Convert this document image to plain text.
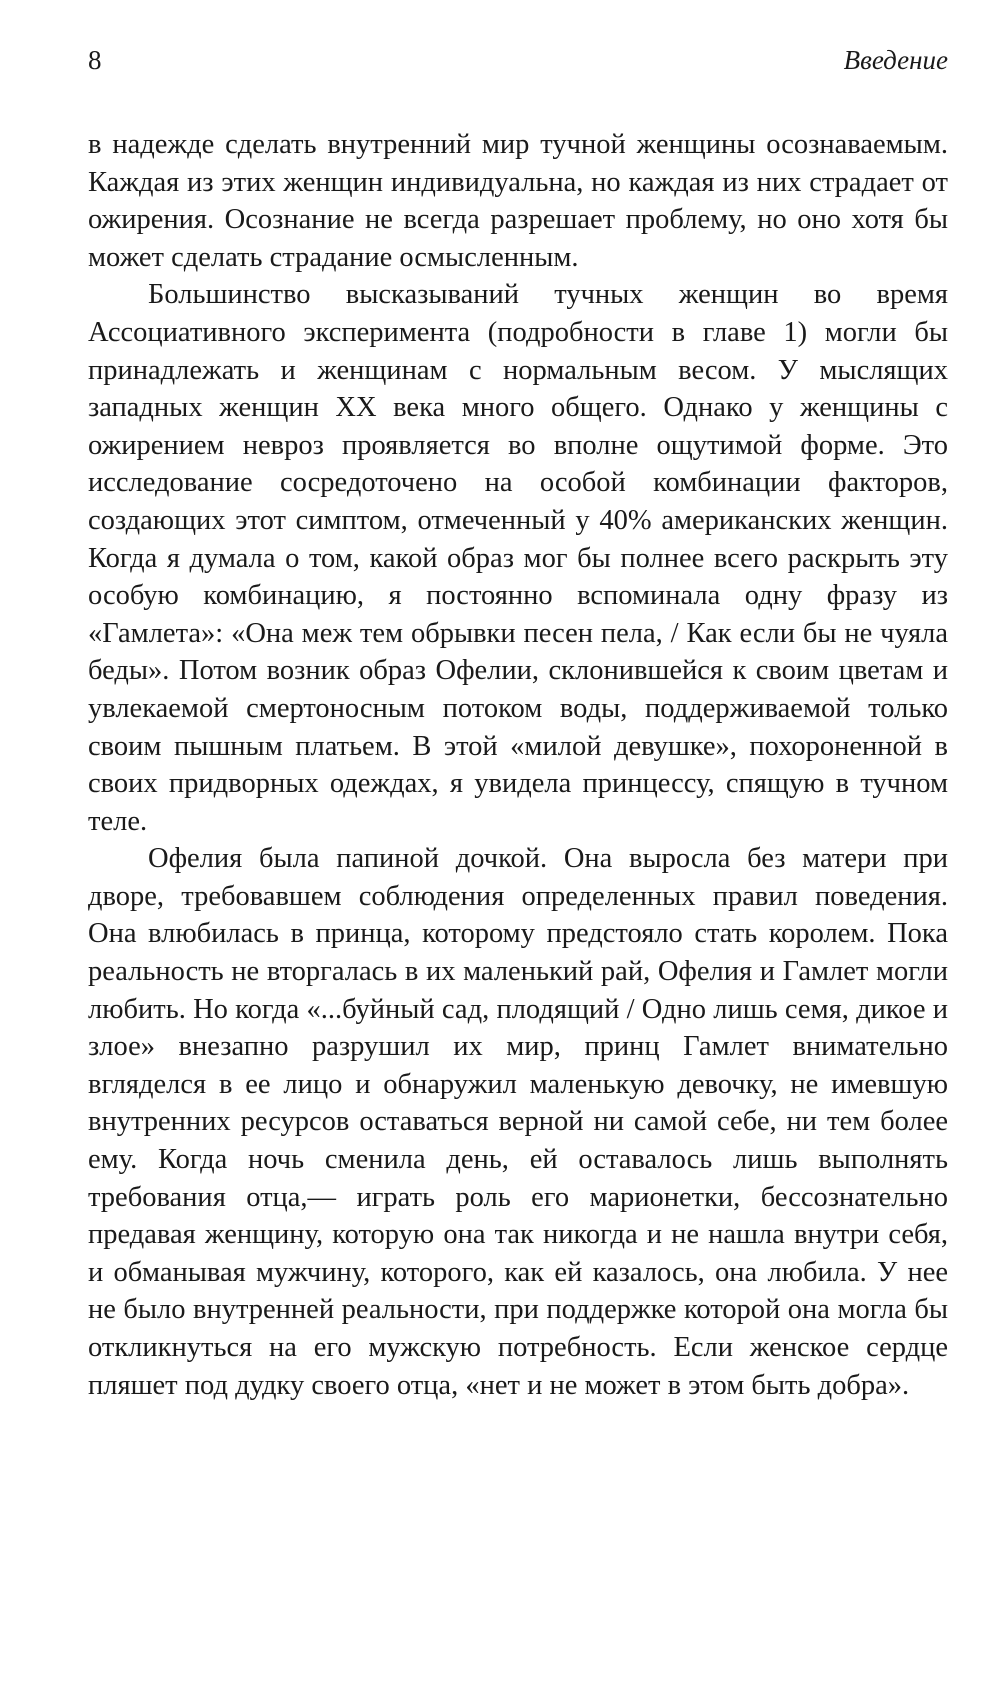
8	Введение

в надежде сделать внутренний мир тучной женщины осознаваемым. Каждая из этих женщин индивидуальна, но каждая из них страдает от ожирения. Осознание не всегда разрешает проблему, но оно хотя бы может сделать страдание осмысленным.

Большинство высказываний тучных женщин во время Ассоциативного эксперимента (подробности в главе 1) могли бы принадлежать и женщинам с нормальным весом. У мыслящих западных женщин XX века много общего. Однако у женщины с ожирением невроз проявляется во вполне ощутимой форме. Это исследование сосредоточено на особой комбинации факторов, создающих этот симптом, отмеченный у 40% американских женщин. Когда я думала о том, какой образ мог бы полнее всего раскрыть эту особую комбинацию, я постоянно вспоминала одну фразу из «Гамлета»: «Она меж тем обрывки песен пела, / Как если бы не чуяла беды». Потом возник образ Офелии, склонившейся к своим цветам и увлекаемой смертоносным потоком воды, поддерживаемой только своим пышным платьем. В этой «милой девушке», похороненной в своих придворных одеждах, я увидела принцессу, спящую в тучном теле.

Офелия была папиной дочкой. Она выросла без матери при дворе, требовавшем соблюдения определенных правил поведения. Она влюбилась в принца, которому предстояло стать королем. Пока реальность не вторгалась в их маленький рай, Офелия и Гамлет могли любить. Но когда «...буйный сад, плодящий / Одно лишь семя, дикое и злое» внезапно разрушил их мир, принц Гамлет внимательно вгляделся в ее лицо и обнаружил маленькую девочку, не имевшую внутренних ресурсов оставаться верной ни самой себе, ни тем более ему. Когда ночь сменила день, ей оставалось лишь выполнять требования отца,— играть роль его марионетки, бессознательно предавая женщину, которую она так никогда и не нашла внутри себя, и обманывая мужчину, которого, как ей казалось, она любила. У нее не было внутренней реальности, при поддержке которой она могла бы откликнуться на его мужскую потребность. Если женское сердце пляшет под дудку своего отца, «нет и не может в этом быть добра».
